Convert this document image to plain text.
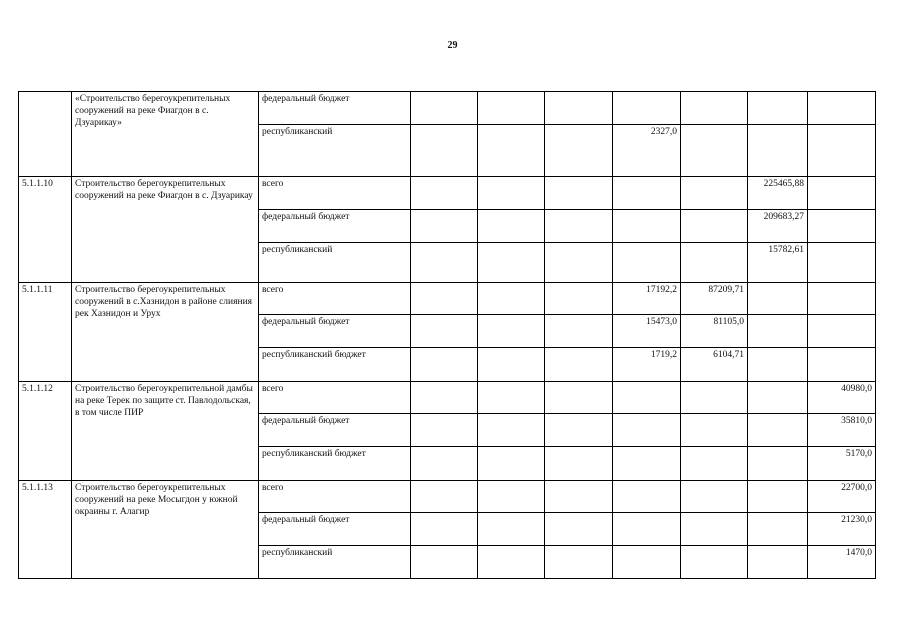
29
	«Строительство берегоукрепительных сооружений на реке Фиагдон в с. Дзуарикау»	федеральный бюджет							
		республиканский				2327,0			
5.1.1.10	Строительство берегоукрепительных сооружений на реке Фиагдон в с. Дзуарикау	всего						225465,88	
		федеральный бюджет						209683,27	
		республиканский						15782,61	
5.1.1.11	Строительство берегоукрепительных сооружений в с.Хазнидон в районе слияния рек Хазнидон и Урух	всего				17192,2	87209,71		
		федеральный бюджет				15473,0	81105,0		
		республиканский бюджет				1719,2	6104,71		
5.1.1.12	Строительство берегоукрепительной дамбы на реке Терек по защите ст. Павлодольская, в том числе ПИР	всего							40980,0
		федеральный бюджет							35810,0
		республиканский бюджет							5170,0
5.1.1.13	Строительство берегоукрепительных сооружений на реке Мосыгдон у южной окраины г. Алагир	всего							22700,0
		федеральный бюджет							21230,0
		республиканский							1470,0
